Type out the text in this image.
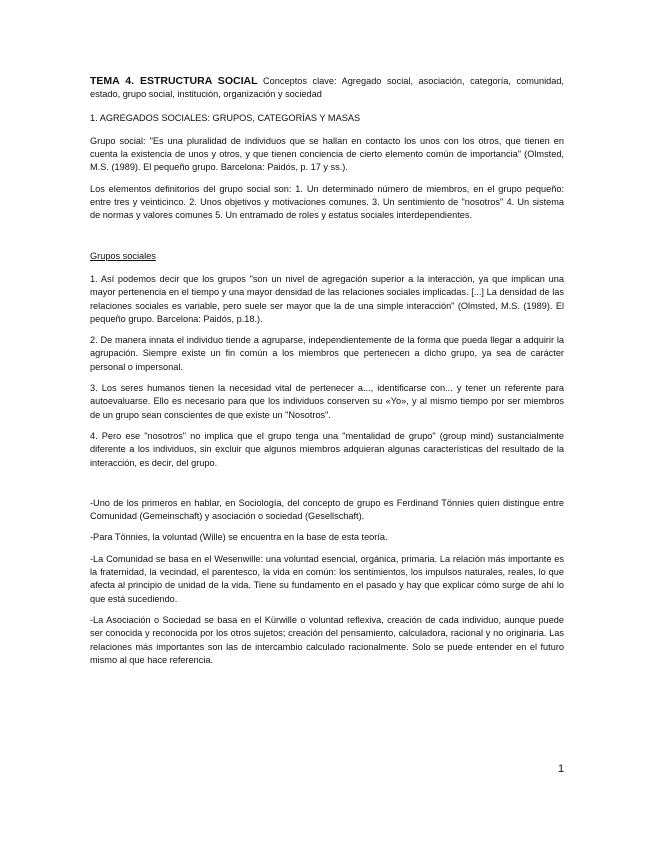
TEMA 4. ESTRUCTURA SOCIAL Conceptos clave: Agregado social, asociación, categoría, comunidad, estado, grupo social, institución, organización y sociedad

1. AGREGADOS SOCIALES: GRUPOS, CATEGORÍAS Y MASAS

Grupo social: "Es una pluralidad de individuos que se hallan en contacto los unos con los otros, que tienen en cuenta la existencia de unos y otros, y que tienen conciencia de cierto elemento común de importancia" (Olmsted, M.S. (1989). El pequeño grupo. Barcelona: Paidós, p. 17 y ss.).

Los elementos definitorios del grupo social son: 1. Un determinado número de miembros, en el grupo pequeño: entre tres y veinticinco. 2. Unos objetivos y motivaciones comunes. 3. Un sentimiento de "nosotros" 4. Un sistema de normas y valores comunes 5. Un entramado de roles y estatus sociales interdependientes.

Grupos sociales

1. Así podemos decir que los grupos "son un nivel de agregación superior a la interacción, ya que implican una mayor pertenencia en el tiempo y una mayor densidad de las relaciones sociales implicadas. [...] La densidad de las relaciones sociales es variable, pero suele ser mayor que la de una simple interacción" (Olmsted, M.S. (1989). El pequeño grupo. Barcelona: Paidós, p.18.).

2. De manera innata el individuo tiende a agruparse, independientemente de la forma que pueda llegar a adquirir la agrupación. Siempre existe un fin común a los miembros que pertenecen a dicho grupo, ya sea de carácter personal o impersonal.

3. Los seres humanos tienen la necesidad vital de pertenecer a..., identificarse con... y tener un referente para autoevaluarse. Ello es necesario para que los individuos conserven su «Yo», y al mismo tiempo por ser miembros de un grupo sean conscientes de que existe un "Nosotros".

4. Pero ese "nosotros" no implica que el grupo tenga una "mentalidad de grupo" (group mind) sustancialmente diferente a los individuos, sin excluir que algunos miembros adquieran algunas características del resultado de la interacción, es decir, del grupo.

-Uno de los primeros en hablar, en Sociología, del concepto de grupo es Ferdinand Tönnies quien distingue entre Comunidad (Gemeinschaft) y asociación o sociedad (Gesellschaft).

-Para Tönnies, la voluntad (Wille) se encuentra en la base de esta teoría.

-La Comunidad se basa en el Wesenwille: una voluntad esencial, orgánica, primaria. La relación más importante es la fraternidad, la vecindad, el parentesco, la vida en común: los sentimientos, los impulsos naturales, reales, lo que afecta al principio de unidad de la vida. Tiene su fundamento en el pasado y hay que explicar cómo surge de ahí lo que está sucediendo.

-La Asociación o Sociedad se basa en el Kürwille o voluntad reflexiva, creación de cada individuo, aunque puede ser conocida y reconocida por los otros sujetos; creación del pensamiento, calculadora, racional y no originaria. Las relaciones más importantes son las de intercambio calculado racionalmente. Solo se puede entender en el futuro mismo al que hace referencia.

1
